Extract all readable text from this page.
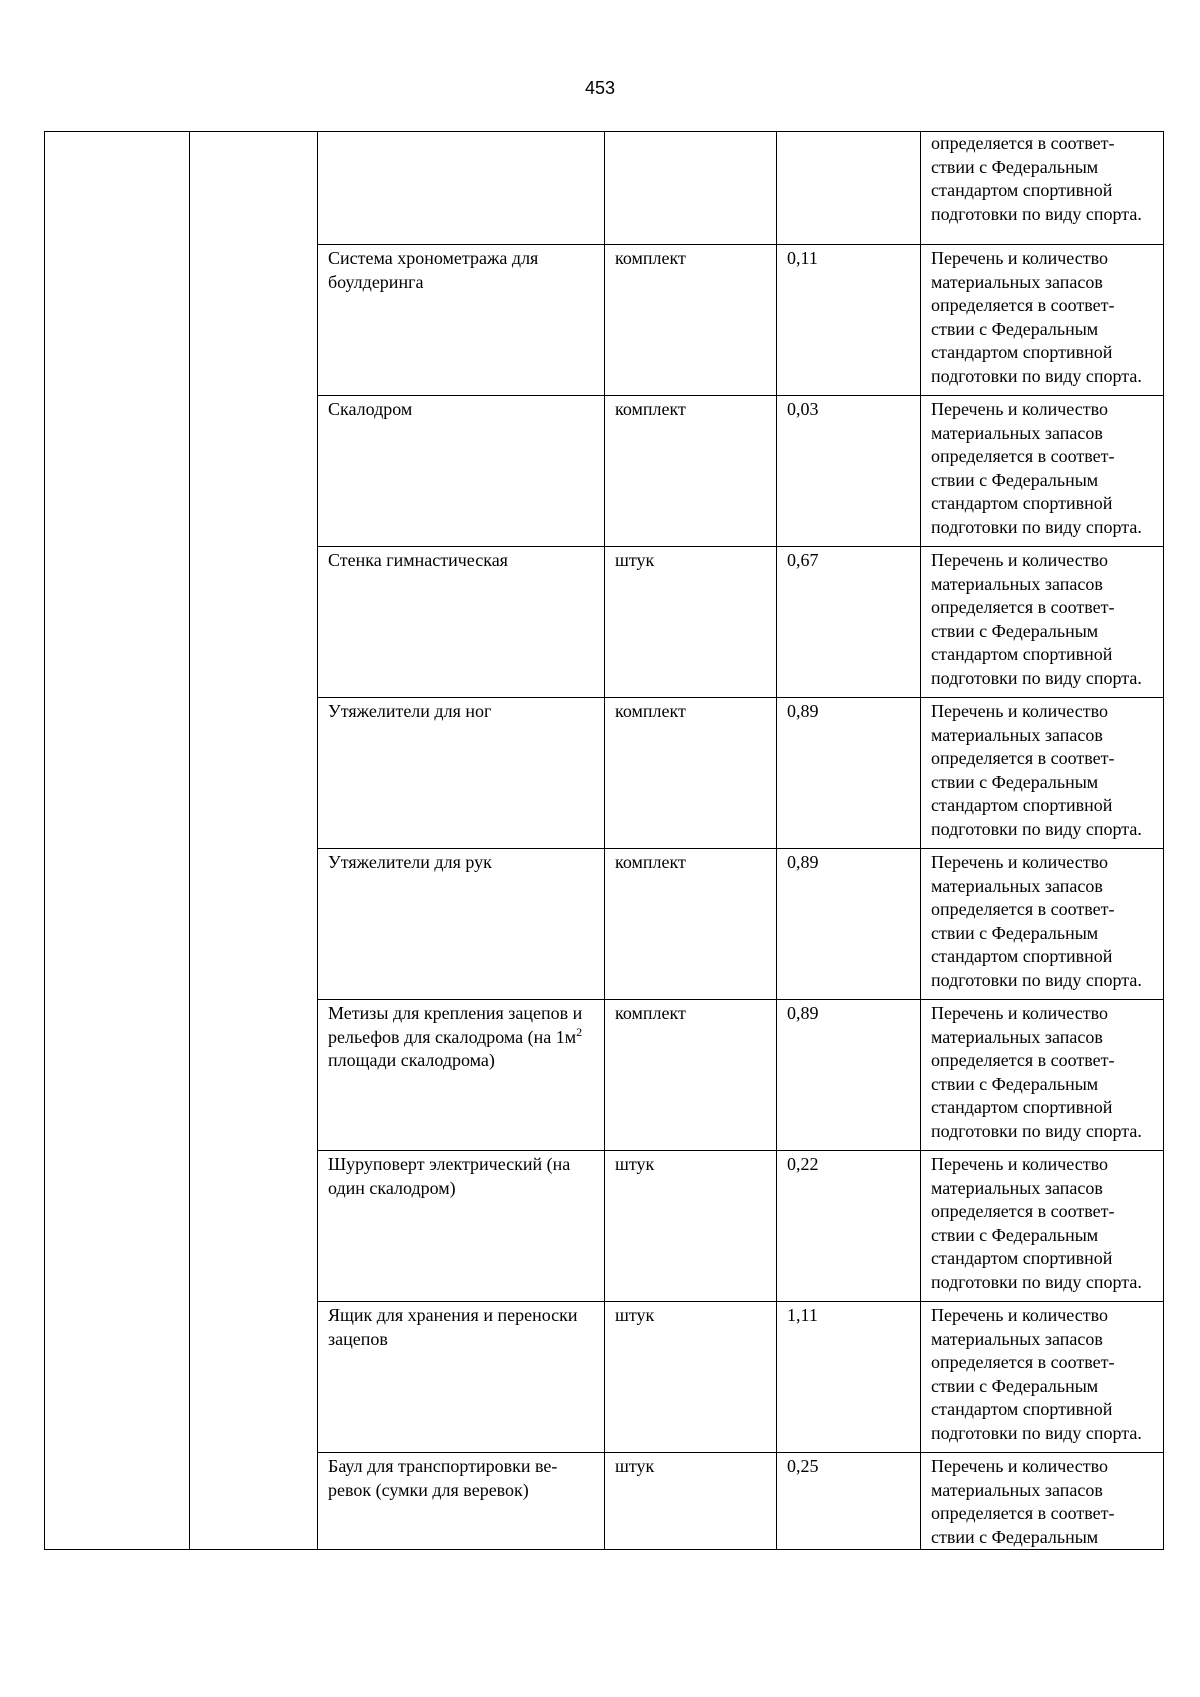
453

					определяется в соответ-ствии с Федеральным стандартом спортивной подготовки по виду спорта.

		Система хронометража для боулдеринга	комплект	0,11	Перечень и количество материальных запасов определяется в соответ-ствии с Федеральным стандартом спортивной подготовки по виду спорта.
		Скалодром	комплект	0,03	Перечень и количество материальных запасов определяется в соответ-ствии с Федеральным стандартом спортивной подготовки по виду спорта.
		Стенка гимнастическая	штук	0,67	Перечень и количество материальных запасов определяется в соответ-ствии с Федеральным стандартом спортивной подготовки по виду спорта.
		Утяжелители для ног	комплект	0,89	Перечень и количество материальных запасов определяется в соответ-ствии с Федеральным стандартом спортивной подготовки по виду спорта.
		Утяжелители для рук	комплект	0,89	Перечень и количество материальных запасов определяется в соответ-ствии с Федеральным стандартом спортивной подготовки по виду спорта.
		Метизы для крепления зацепов и рельефов для скалодрома (на $1м^2$ площади скалодрома)	комплект	0,89	Перечень и количество материальных запасов определяется в соответ-ствии с Федеральным стандартом спортивной подготовки по виду спорта.
		Шуруповерт электрический (на один скалодром)	штук	0,22	Перечень и количество материальных запасов определяется в соответ-ствии с Федеральным стандартом спортивной подготовки по виду спорта.
		Ящик для хранения и переноски зацепов	штук	1,11	Перечень и количество материальных запасов определяется в соответ-ствии с Федеральным стандартом спортивной подготовки по виду спорта.
		Баул для транспортировки ве-ревок (сумки для веревок)	штук	0,25	Перечень и количество материальных запасов определяется в соответ-ствии с Федеральным
